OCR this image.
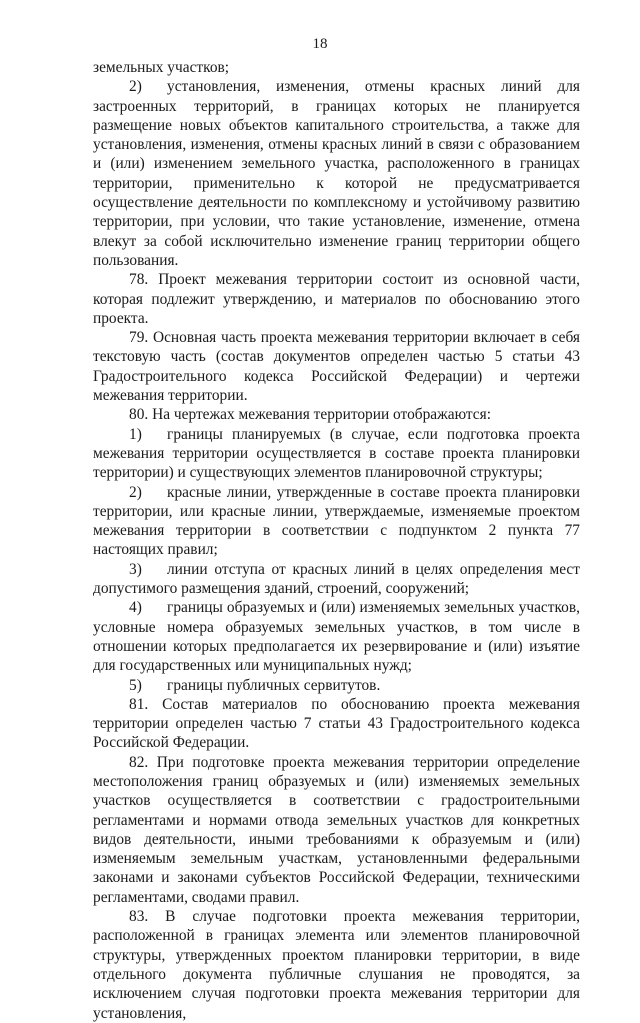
18

земельных участков;

2) установления, изменения, отмены красных линий для застроенных территорий, в границах которых не планируется размещение новых объектов капитального строительства, а также для установления, изменения, отмены красных линий в связи с образованием и (или) изменением земельного участка, расположенного в границах территории, применительно к которой не предусматривается осуществление деятельности по комплексному и устойчивому развитию территории, при условии, что такие установление, изменение, отмена влекут за собой исключительно изменение границ территории общего пользования.

78. Проект межевания территории состоит из основной части, которая подлежит утверждению, и материалов по обоснованию этого проекта.

79. Основная часть проекта межевания территории включает в себя текстовую часть (состав документов определен частью 5 статьи 43 Градостроительного кодекса Российской Федерации) и чертежи межевания территории.

80. На чертежах межевания территории отображаются:

1) границы планируемых (в случае, если подготовка проекта межевания территории осуществляется в составе проекта планировки территории) и существующих элементов планировочной структуры;

2) красные линии, утвержденные в составе проекта планировки территории, или красные линии, утверждаемые, изменяемые проектом межевания территории в соответствии с подпунктом 2 пункта 77 настоящих правил;

3) линии отступа от красных линий в целях определения мест допустимого размещения зданий, строений, сооружений;

4) границы образуемых и (или) изменяемых земельных участков, условные номера образуемых земельных участков, в том числе в отношении которых предполагается их резервирование и (или) изъятие для государственных или муниципальных нужд;

5) границы публичных сервитутов.

81. Состав материалов по обоснованию проекта межевания территории определен частью 7 статьи 43 Градостроительного кодекса Российской Федерации.

82. При подготовке проекта межевания территории определение местоположения границ образуемых и (или) изменяемых земельных участков осуществляется в соответствии с градостроительными регламентами и нормами отвода земельных участков для конкретных видов деятельности, иными требованиями к образуемым и (или) изменяемым земельным участкам, установленными федеральными законами и законами субъектов Российской Федерации, техническими регламентами, сводами правил.

83. В случае подготовки проекта межевания территории, расположенной в границах элемента или элементов планировочной структуры, утвержденных проектом планировки территории, в виде отдельного документа публичные слушания не проводятся, за исключением случая подготовки проекта межевания территории для установления,
